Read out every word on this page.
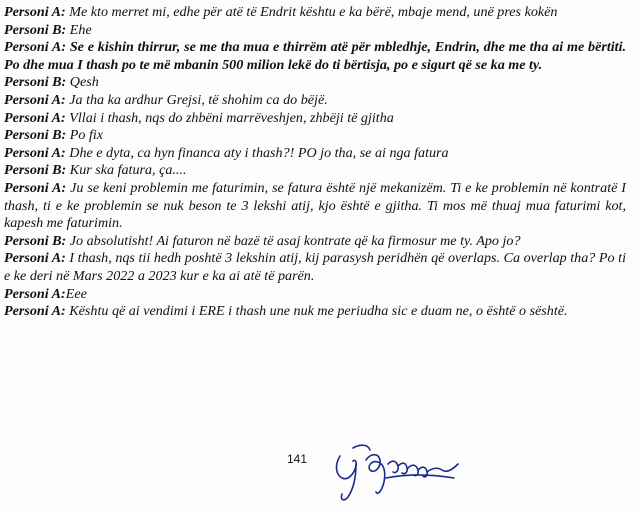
Personi A: Me kto merret mi, edhe për atë të Endrit kështu e ka bërë, mbaje mend, unë pres kokën

Personi B: Ehe

Personi A: Se e kishin thirrur, se me tha mua e thirrëm atë për mbledhje, Endrin, dhe me tha ai me bërtiti. Po dhe mua I thash po te më mbanin 500 milion lekë do ti bërtisja, po e sigurt që se ka me ty.

Personi B: Qesh

Personi A: Ja tha ka ardhur Grejsi, të shohim ca do bëjë.

Personi A: Vllai i thash, nqs do zhbëni marrëveshjen, zhbëji të gjitha

Personi B: Po fix

Personi A: Dhe e dyta, ca hyn financa aty i thash?! PO jo tha, se ai nga fatura

Personi B: Kur ska fatura, ça....

Personi A: Ju se keni problemin me faturimin, se fatura është një mekanizëm. Ti e ke problemin në kontratë I thash, ti e ke problemin se nuk beson te 3 lekshi atij, kjo është e gjitha. Ti mos më thuaj mua faturimi kot, kapesh me faturimin.

Personi B: Jo absolutisht! Ai faturon në bazë të asaj kontrate që ka firmosur me ty. Apo jo?

Personi A: I thash, nqs tii hedh poshtë 3 lekshin atij, kij parasysh peridhën që overlaps. Ca overlap tha? Po ti e ke deri në Mars 2022 a 2023 kur e ka ai atë të parën.

Personi A:Eee

Personi A: Kështu që ai vendimi i ERE i thash une nuk me periudha sic e duam ne, o është o sështë.

141
